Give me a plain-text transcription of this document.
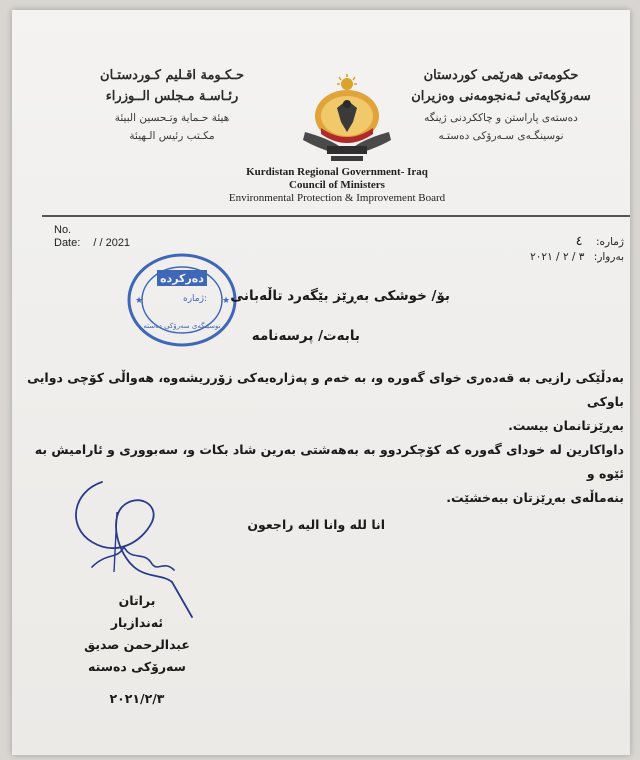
حکومەتی هەرێمی کوردستان
سەرۆکایەتی ئـەنجومەنی وەزیران
دەستەی پاراستن و چاککردنی ژینگە
نوسینگـەی سـەرۆکی دەستـە
حـكـومة اقـليم كـوردستـان
رئـاسـة مـجلس الــوزراء
هيئة حـماية وتـحسين البيئة
مكـتب رئيس الـهيئة
Kurdistan Regional Government- Iraq
Council of Ministers
Environmental Protection & Improvement Board
No.
Date: / / 2021	ژمارە: ٤
بەروار: ٣ / ٢ / ٢٠٢١
دەرکردە
ژمارە:
نوسینگەی سەرۆکی دەستە
★	★ بۆ/ خوشکی بەڕێز بێگەرد تاڵەبانی
بابەت/ پرسەنامە
بەدڵێکی رازیی بە قەدەری خوای گەورە و، بە خەم و پەژارەیەکی زۆرریشەوە، هەواڵی کۆچی دوایی باوکی
بەڕێزتانمان بیست.
داواکارین لە خودای گەورە کە کۆچکردوو بە بەهەشتی بەرین شاد بکات و، سەبووری و ئارامیش بە ئێوە و
بنەماڵەی بەڕێزتان ببەخشێت.
انا لله وانا اليه راجعون
براتان
ئەندازیار
عبدالرحمن صديق
سەرۆکی دەستە
٢٠٢١/٢/٣
